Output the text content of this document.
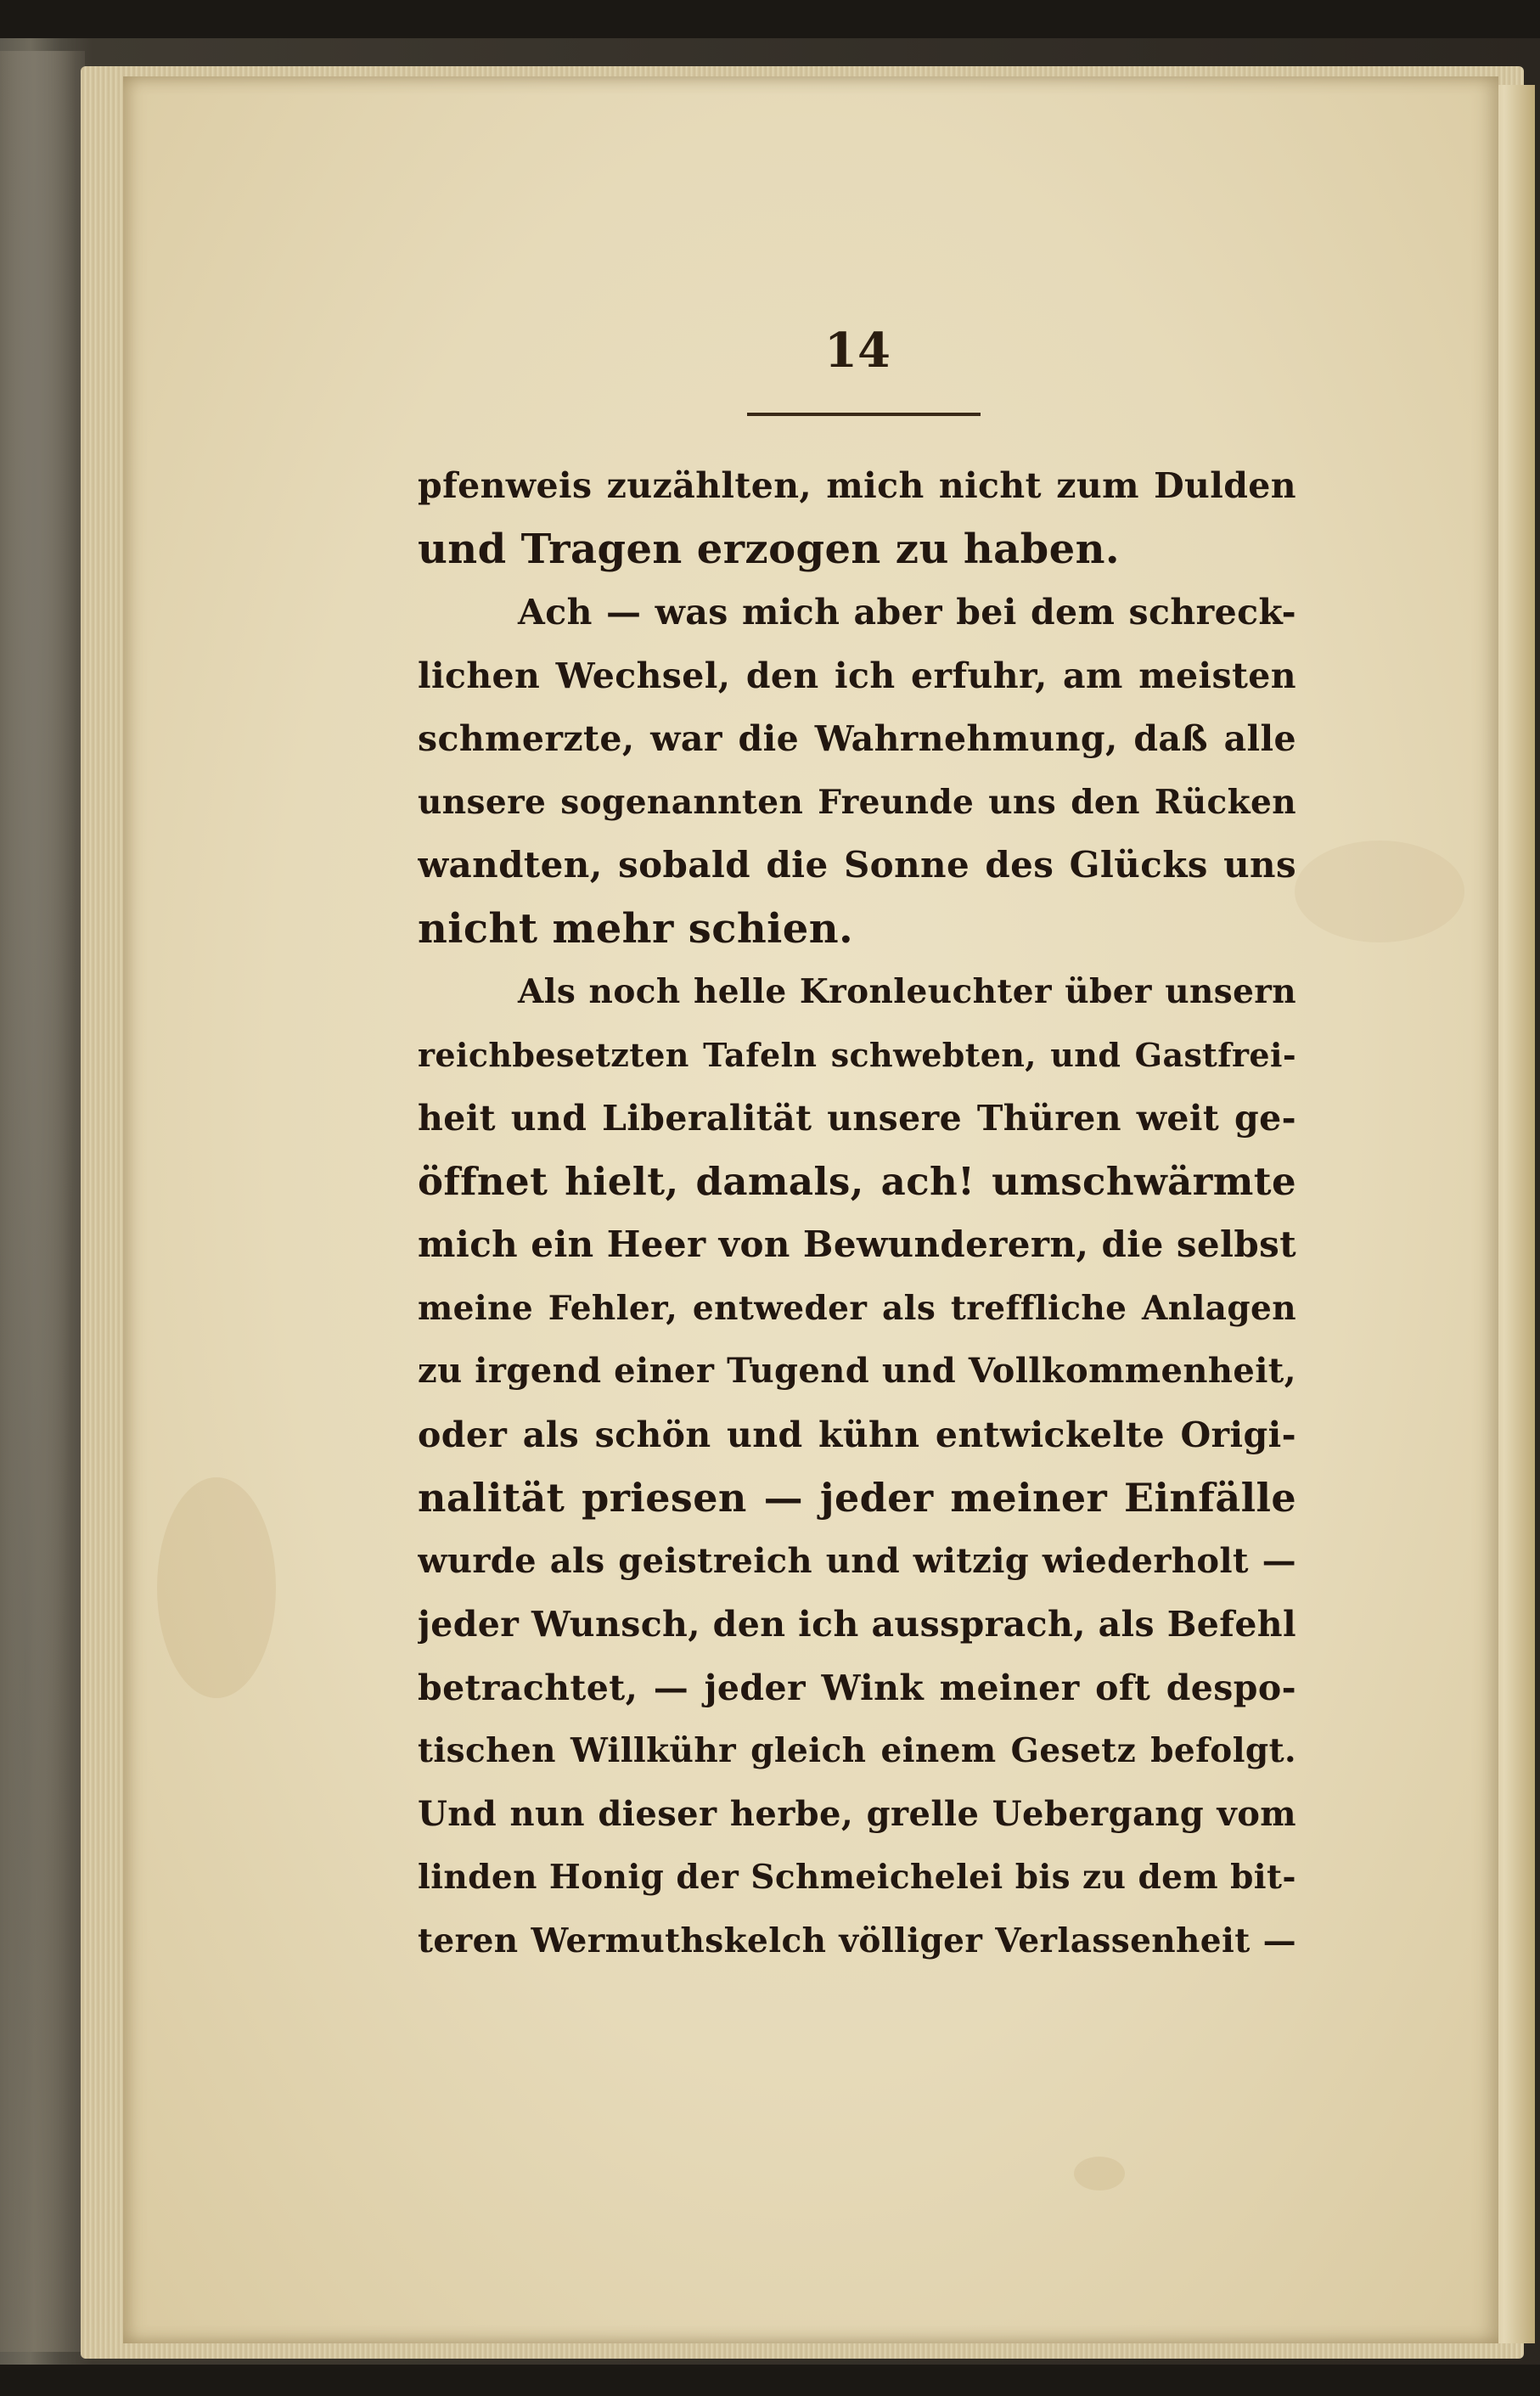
14
pfenweis zuzählten, mich nicht zum Dulden
und Tragen erzogen zu haben.
Ach — was mich aber bei dem schreck-
lichen Wechsel, den ich erfuhr, am meisten
schmerzte, war die Wahrnehmung, daß alle
unsere sogenannten Freunde uns den Rücken
wandten, sobald die Sonne des Glücks uns
nicht mehr schien.
Als noch helle Kronleuchter über unsern
reichbesetzten Tafeln schwebten, und Gastfrei-
heit und Liberalität unsere Thüren weit ge-
öffnet hielt, damals, ach! umschwärmte
mich ein Heer von Bewunderern, die selbst
meine Fehler, entweder als treffliche Anlagen
zu irgend einer Tugend und Vollkommenheit,
oder als schön und kühn entwickelte Origi-
nalität priesen — jeder meiner Einfälle
wurde als geistreich und witzig wiederholt —
jeder Wunsch, den ich aussprach, als Befehl
betrachtet, — jeder Wink meiner oft despo-
tischen Willkühr gleich einem Gesetz befolgt.
Und nun dieser herbe, grelle Uebergang vom
linden Honig der Schmeichelei bis zu dem bit-
teren Wermuthskelch völliger Verlassenheit —
